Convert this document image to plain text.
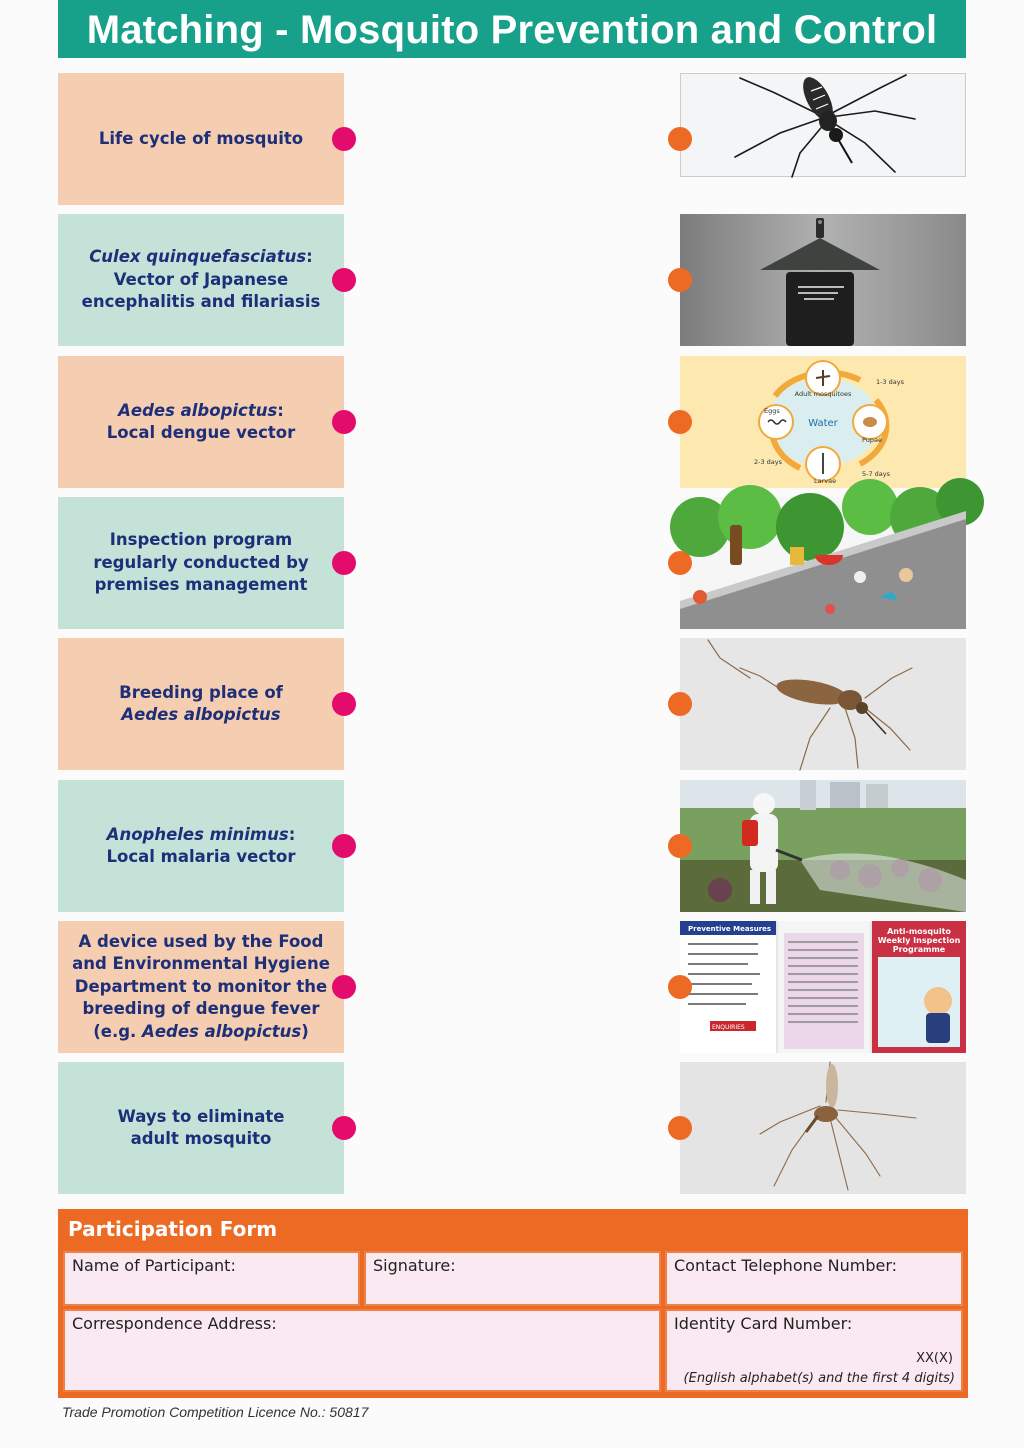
Matching - Mosquito Prevention and Control
Life cycle of mosquito
Culex quinquefasciatus:
Vector of Japanese
encephalitis and filariasis
Aedes albopictus:
Local dengue vector
Inspection program
regularly conducted by
premises management
Breeding place of
Aedes albopictus
Anopheles minimus:
Local malaria vector
A device used by the Food
and Environmental Hygiene
Department to monitor the
breeding of dengue fever
(e.g. Aedes albopictus)
Ways to eliminate
adult mosquito
Adult mosquitoes
Eggs
Pupae
Larvae
Water
1-3 days
2-3 days
5-7 days
Preventive Measures
ENQUIRIES
Anti-mosquito
Weekly Inspection
Programme
Participation Form
Name of Participant:	Signature:	Contact Telephone Number:
Correspondence Address:	Identity Card Number:
XX(X)
(English alphabet(s) and the first 4 digits)
Trade Promotion Competition Licence No.: 50817
